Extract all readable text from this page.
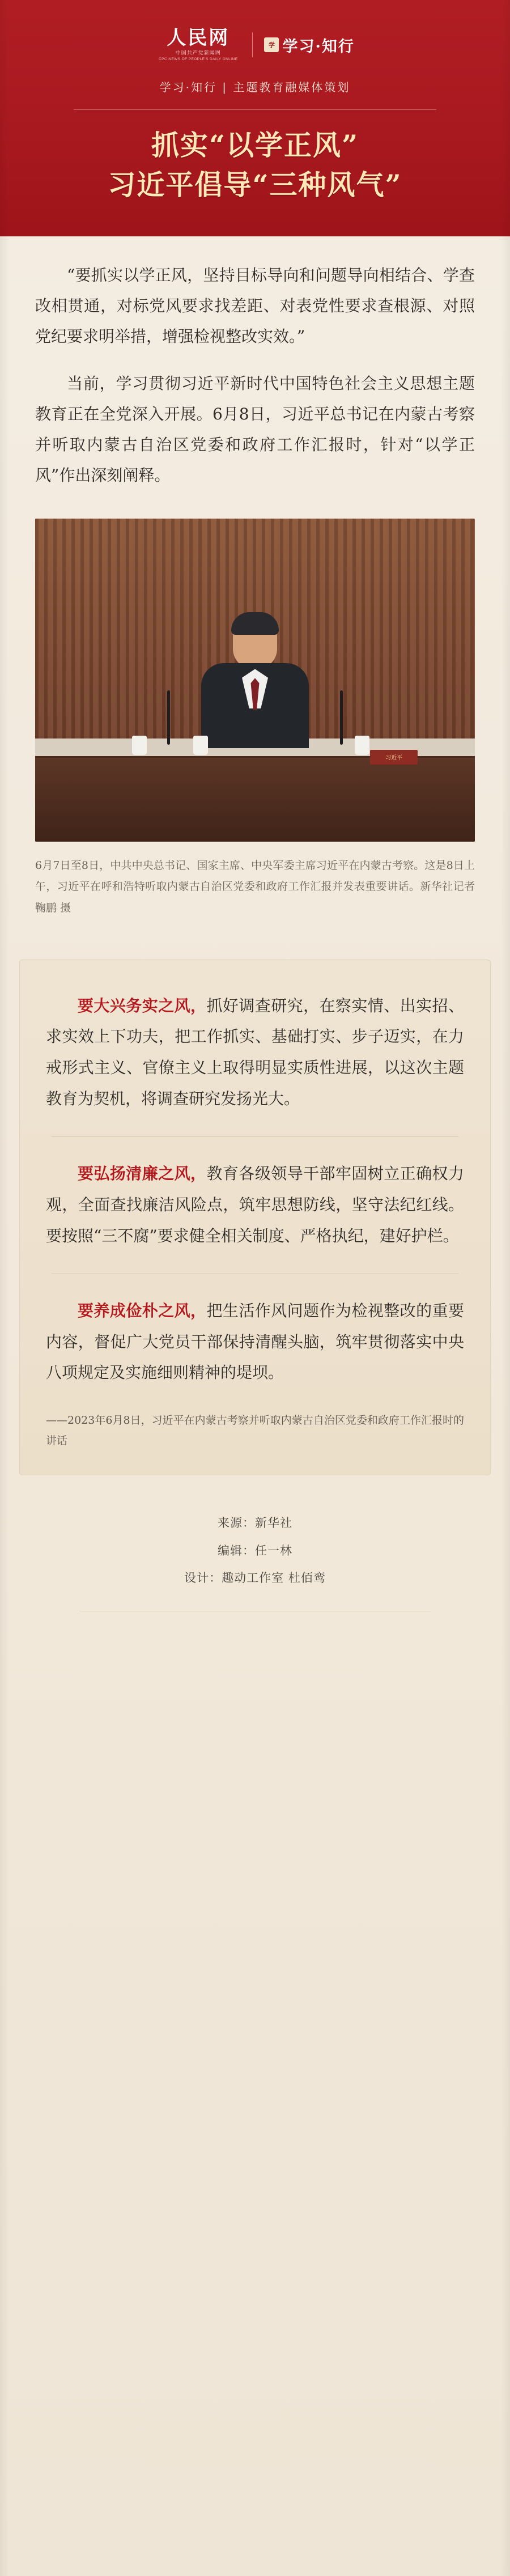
人民网
中国共产党新闻网
CPC NEWS OF PEOPLE'S DAILY ONLINE
学 学习·知行
学习·知行 | 主题教育融媒体策划
抓实“以学正风”
习近平倡导“三种风气”

“要抓实以学正风，坚持目标导向和问题导向相结合、学查改相贯通，对标党风要求找差距、对表党性要求查根源、对照党纪要求明举措，增强检视整改实效。”

当前，学习贯彻习近平新时代中国特色社会主义思想主题教育正在全党深入开展。6月8日，习近平总书记在内蒙古考察并听取内蒙古自治区党委和政府工作汇报时，针对“以学正风”作出深刻阐释。

习近平
6月7日至8日，中共中央总书记、国家主席、中央军委主席习近平在内蒙古考察。这是8日上午，习近平在呼和浩特听取内蒙古自治区党委和政府工作汇报并发表重要讲话。新华社记者 鞠鹏 摄

要大兴务实之风，抓好调查研究，在察实情、出实招、求实效上下功夫，把工作抓实、基础打实、步子迈实，在力戒形式主义、官僚主义上取得明显实质性进展，以这次主题教育为契机，将调查研究发扬光大。

要弘扬清廉之风，教育各级领导干部牢固树立正确权力观，全面查找廉洁风险点，筑牢思想防线，坚守法纪红线。要按照“三不腐”要求健全相关制度、严格执纪，建好护栏。

要养成俭朴之风，把生活作风问题作为检视整改的重要内容，督促广大党员干部保持清醒头脑，筑牢贯彻落实中央八项规定及实施细则精神的堤坝。

——2023年6月8日，习近平在内蒙古考察并听取内蒙古自治区党委和政府工作汇报时的讲话
来源：新华社
编辑：任一林
设计：趣动工作室 杜佰鸾
